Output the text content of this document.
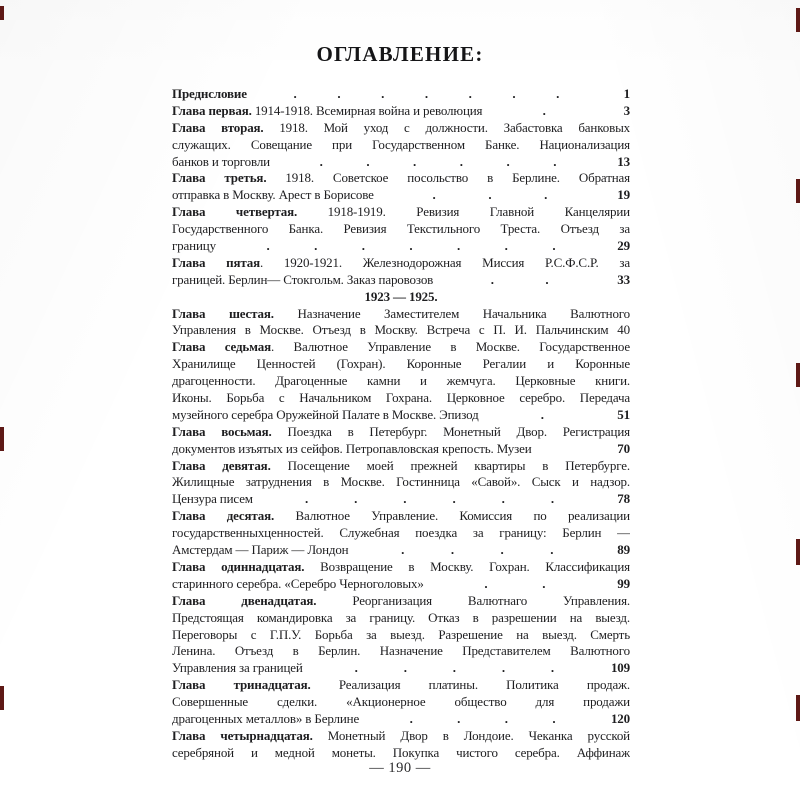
ОГЛАВЛЕНИЕ:
Преднсловие	.	.	.	.	.	.	.	1
Глава первая. 1914-1918. Всемирная война и революция	.	3
Глава вторая. 1918. Мой уход с должности. Забастовка банковых
служащих. Совещание при Государственном Банке. Национализация
банков и торговли	.	.	.	.	.	.	13
Глава третья. 1918. Советское посольство в Берлине. Обратная
отправка в Москву. Арест в Борисове	.	.	.	19
Глава четвертая. 1918-1919. Ревизия Главной Канцелярии
Государственного Банка. Ревизия Текстильного Треста. Отъезд за
границу	.	.	.	.	.	.	.	29
Глава пятая. 1920-1921. Железнодорожная Миссия Р.С.Ф.С.Р. за
границей. Берлин— Стокгольм. Заказ паровозов	.	.	33
1923 — 1925.
Глава шестая. Назначение Заместителем Начальника Валютного
Управления в Москве. Отъезд в Москву. Встреча с П. И. Пальчинским 40
Глава седьмая. Валютное Управление в Москве. Государственное
Хранилище Ценностей (Гохран). Коронные Регалии и Коронные
драгоценности. Драгоценные камни и жемчуга. Церковные книги.
Иконы. Борьба с Начальником Гохрана. Церковное серебро. Передача
музейного серебра Оружейной Палате в Москве. Эпизод	.	51
Глава восьмая. Поездка в Петербург. Монетный Двор. Регистрация
документов изъятых из сейфов. Петропавловская крепость. Музеи	70
Глава девятая. Посещение моей прежней квартиры в Петербурге.
Жилищные затруднения в Москве. Гостинница «Савой». Сыск и надзор.
Цензура писем	.	.	.	.	.	.	78
Глава десятая. Валютное Управление. Комиссия по реализации
государственныхценностей. Служебная поездка за границу: Берлин —
Амстердам — Париж — Лондон	.	.	.	.	89
Глава одиннадцатая. Возвращение в Москву. Гохран. Классификация
старинного серебра. «Серебро Черноголовых»	.	.	99
Глава двенадцатая. Реорганизация Валютнаго Управления.
Предстоящая командировка за границу. Отказ в разрешении на выезд.
Переговоры с Г.П.У. Борьба за выезд. Разрешение на выезд. Смерть
Ленина. Отъезд в Берлин. Назначение Представителем Валютного
Управления за границей	.	.	.	.	.	109
Глава тринадцатая. Реализация платины. Политика продаж.
Совершенные сделки. «Акционерное общество для продажи
драгоценных металлов» в Берлине	.	.	.	.	120
Глава четырнадцатая. Монетный Двор в Лондоие. Чеканка русской
серебряной и медной монеты. Покупка чистого серебра. Аффинаж
— 190 —
